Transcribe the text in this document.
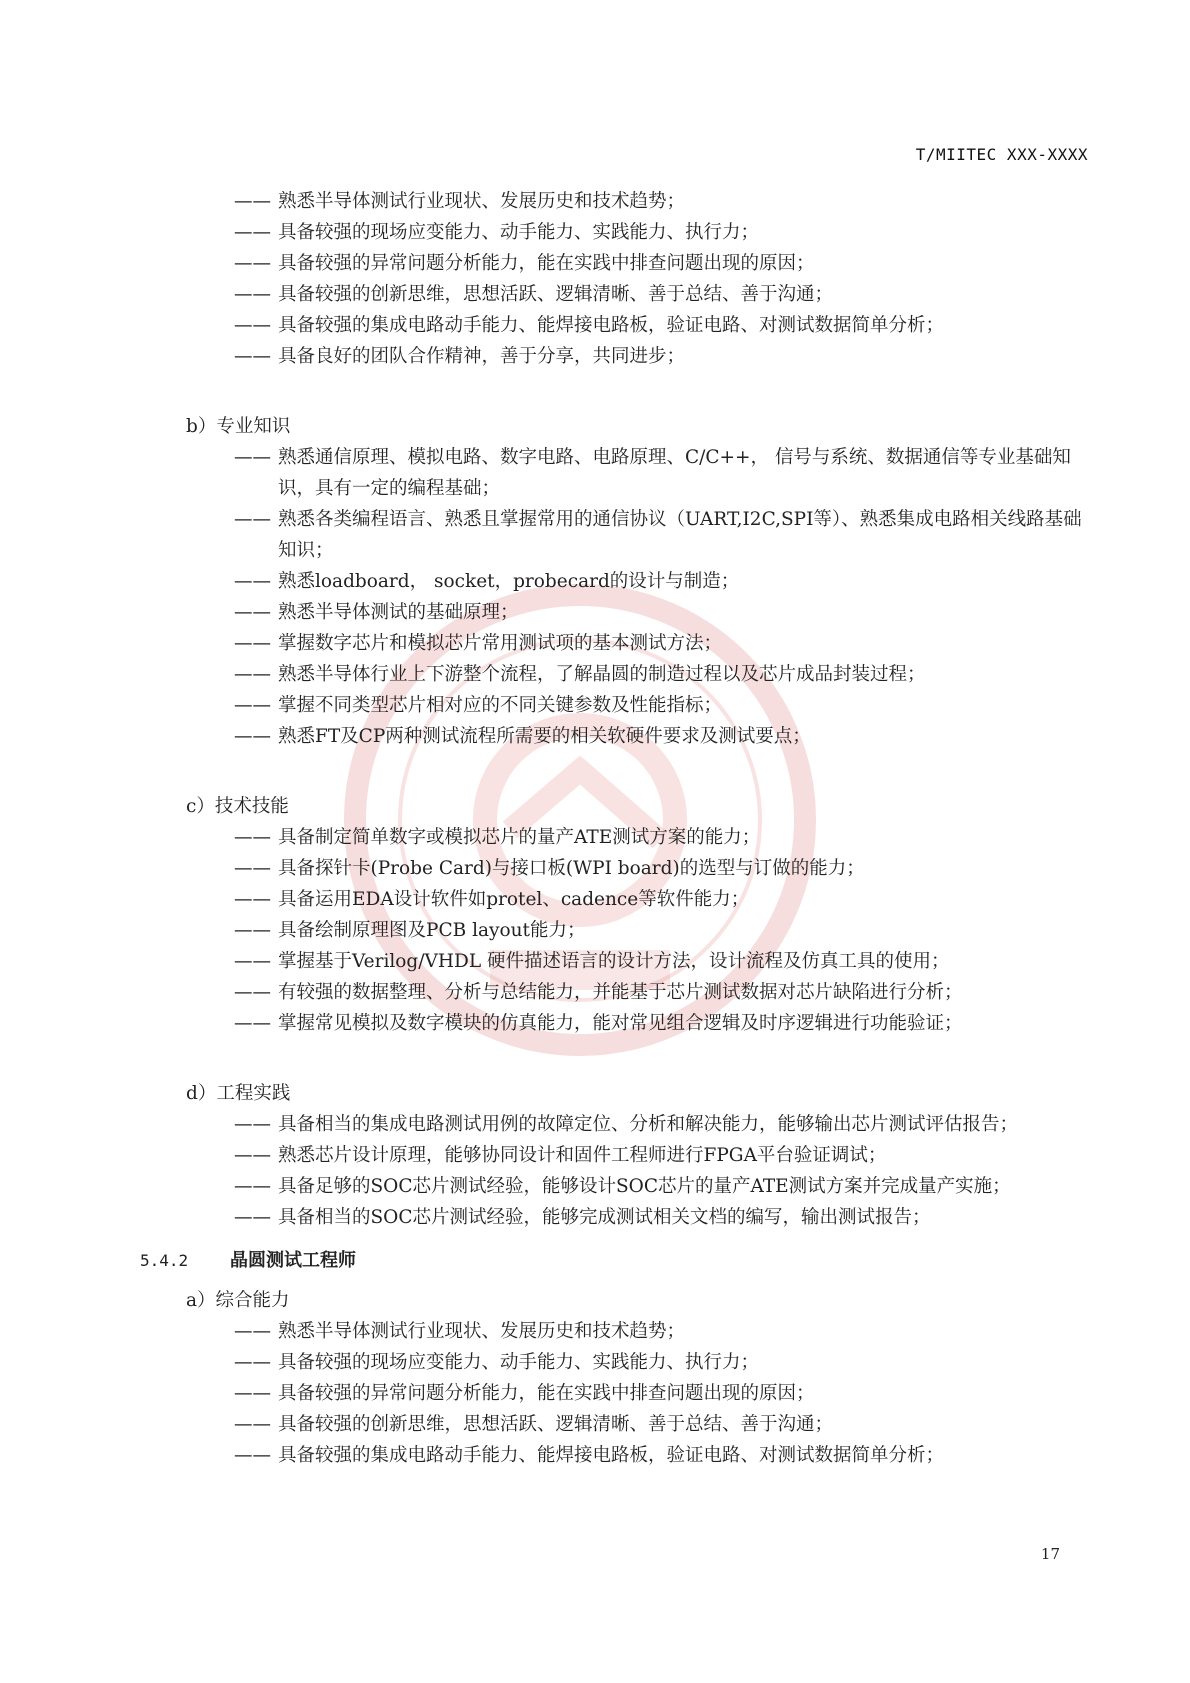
T/MIITEC XXX-XXXX
—— 熟悉半导体测试行业现状、发展历史和技术趋势；
—— 具备较强的现场应变能力、动手能力、实践能力、执行力；
—— 具备较强的异常问题分析能力，能在实践中排查问题出现的原因；
—— 具备较强的创新思维，思想活跃、逻辑清晰、善于总结、善于沟通；
—— 具备较强的集成电路动手能力、能焊接电路板，验证电路、对测试数据简单分析；
—— 具备良好的团队合作精神，善于分享，共同进步；
b）专业知识
—— 熟悉通信原理、模拟电路、数字电路、电路原理、C/C++， 信号与系统、数据通信等专业基础知识，具有一定的编程基础；
—— 熟悉各类编程语言、熟悉且掌握常用的通信协议（UART,I2C,SPI等）、熟悉集成电路相关线路基础知识；
—— 熟悉loadboard， socket，probecard的设计与制造；
—— 熟悉半导体测试的基础原理；
—— 掌握数字芯片和模拟芯片常用测试项的基本测试方法；
—— 熟悉半导体行业上下游整个流程，了解晶圆的制造过程以及芯片成品封装过程；
—— 掌握不同类型芯片相对应的不同关键参数及性能指标；
—— 熟悉FT及CP两种测试流程所需要的相关软硬件要求及测试要点；
c）技术技能
—— 具备制定简单数字或模拟芯片的量产ATE测试方案的能力；
—— 具备探针卡(Probe Card)与接口板(WPI board)的选型与订做的能力；
—— 具备运用EDA设计软件如protel、cadence等软件能力；
—— 具备绘制原理图及PCB layout能力；
—— 掌握基于Verilog/VHDL 硬件描述语言的设计方法，设计流程及仿真工具的使用；
—— 有较强的数据整理、分析与总结能力，并能基于芯片测试数据对芯片缺陷进行分析；
—— 掌握常见模拟及数字模块的仿真能力，能对常见组合逻辑及时序逻辑进行功能验证；
d）工程实践
—— 具备相当的集成电路测试用例的故障定位、分析和解决能力，能够输出芯片测试评估报告；
—— 熟悉芯片设计原理，能够协同设计和固件工程师进行FPGA平台验证调试；
—— 具备足够的SOC芯片测试经验，能够设计SOC芯片的量产ATE测试方案并完成量产实施；
—— 具备相当的SOC芯片测试经验，能够完成测试相关文档的编写，输出测试报告；
5.4.2 晶圆测试工程师
a）综合能力
—— 熟悉半导体测试行业现状、发展历史和技术趋势；
—— 具备较强的现场应变能力、动手能力、实践能力、执行力；
—— 具备较强的异常问题分析能力，能在实践中排查问题出现的原因；
—— 具备较强的创新思维，思想活跃、逻辑清晰、善于总结、善于沟通；
—— 具备较强的集成电路动手能力、能焊接电路板，验证电路、对测试数据简单分析；
17
